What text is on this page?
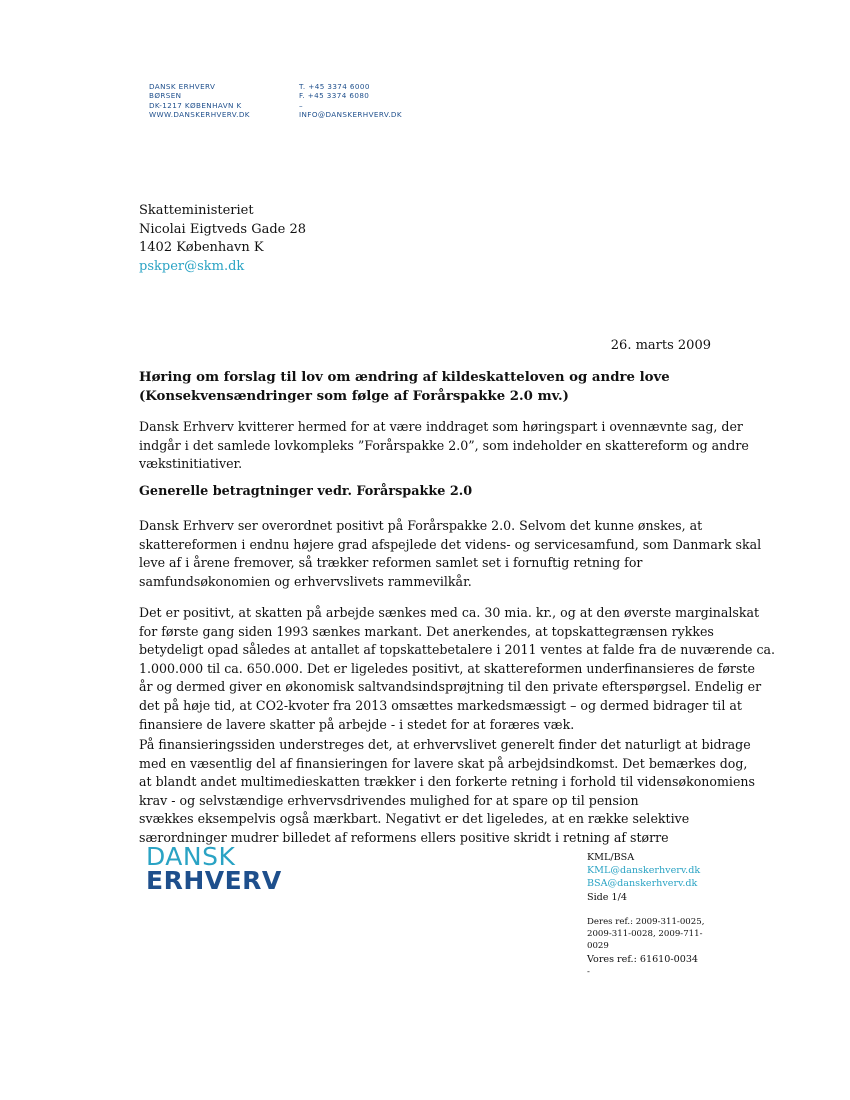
DANSK ERHVERV
BØRSEN
DK-1217 KØBENHAVN K
WWW.DANSKERHVERV.DK
T. +45 3374 6000
F. +45 3374 6080
–
INFO@DANSKERHVERV.DK
Skatteministeriet
Nicolai Eigtveds Gade 28
1402 København K
pskper@skm.dk
26. marts 2009
Høring om forslag til lov om ændring af kildeskatteloven og andre love
(Konsekvensændringer som følge af Forårspakke 2.0 mv.)

Dansk Erhverv kvitterer hermed for at være inddraget som høringspart i ovennævnte sag, der

indgår i det samlede lovkompleks ”Forårspakke 2.0”, som indeholder en skattereform og andre

vækstinitiativer.

Generelle betragtninger vedr. Forårspakke 2.0

Dansk Erhverv ser overordnet positivt på Forårspakke 2.0. Selvom det kunne ønskes, at

skattereformen i endnu højere grad afspejlede det videns- og servicesamfund, som Danmark skal

leve af i årene fremover, så trækker reformen samlet set i fornuftig retning for

samfundsøkonomien og erhvervslivets rammevilkår.

Det er positivt, at skatten på arbejde sænkes med ca. 30 mia. kr., og at den øverste marginalskat

for første gang siden 1993 sænkes markant. Det anerkendes, at topskattegrænsen rykkes

betydeligt opad således at antallet af topskattebetalere i 2011 ventes at falde fra de nuværende ca.

1.000.000 til ca. 650.000. Det er ligeledes positivt, at skattereformen underfinansieres de første

år og dermed giver en økonomisk saltvandsindsprøjtning til den private efterspørgsel. Endelig er

det på høje tid, at CO2-kvoter fra 2013 omsættes markedsmæssigt – og dermed bidrager til at

finansiere de lavere skatter på arbejde - i stedet for at foræres væk.

På finansieringssiden understreges det, at erhvervslivet generelt finder det naturligt at bidrage

med en væsentlig del af finansieringen for lavere skat på arbejdsindkomst. Det bemærkes dog,

at blandt andet multimedieskatten trækker i den forkerte retning i forhold til vidensøkonomiens

krav - og selvstændige erhvervsdrivendes mulighed for at spare op til pension

svækkes eksempelvis også mærkbart. Negativt er det ligeledes, at en række selektive

særordninger mudrer billedet af reformens ellers positive skridt i retning af større

DANSK
ERHVERV
KML/BSA
KML@danskerhverv.dk
BSA@danskerhverv.dk
Side 1/4
Deres ref.: 2009-311-0025,
2009-311-0028, 2009-711-
0029
Vores ref.: 61610-0034
-
